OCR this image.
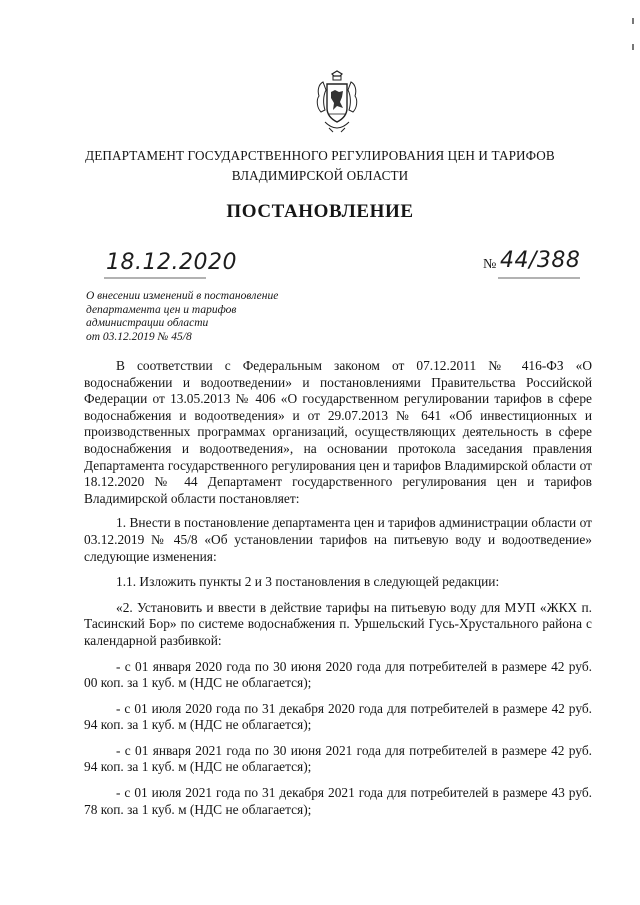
ДЕПАРТАМЕНТ ГОСУДАРСТВЕННОГО РЕГУЛИРОВАНИЯ ЦЕН И ТАРИФОВ
ВЛАДИМИРСКОЙ ОБЛАСТИ
ПОСТАНОВЛЕНИЕ
18.12.2020	№ 44/388
О внесении изменений в постановление
департамента цен и тарифов
администрации области
от 03.12.2019 № 45/8

В соответствии с Федеральным законом от 07.12.2011 № 416-ФЗ «О водоснабжении и водоотведении» и постановлениями Правительства Российской Федерации от 13.05.2013 № 406 «О государственном регулировании тарифов в сфере водоснабжения и водоотведения» и от 29.07.2013 № 641 «Об инвестиционных и производственных программах организаций, осуществляющих деятельность в сфере водоснабжения и водоотведения», на основании протокола заседания правления Департамента государственного регулирования цен и тарифов Владимирской области от 18.12.2020 № 44 Департамент государственного регулирования цен и тарифов Владимирской области постановляет:

1. Внести в постановление департамента цен и тарифов администрации области от 03.12.2019 № 45/8 «Об установлении тарифов на питьевую воду и водоотведение» следующие изменения:

1.1. Изложить пункты 2 и 3 постановления в следующей редакции:

«2. Установить и ввести в действие тарифы на питьевую воду для МУП «ЖКХ п. Тасинский Бор» по системе водоснабжения п. Уршельский Гусь-Хрустального района с календарной разбивкой:

- с 01 января 2020 года по 30 июня 2020 года для потребителей в размере 42 руб. 00 коп. за 1 куб. м (НДС не облагается);

- с 01 июля 2020 года по 31 декабря 2020 года для потребителей в размере 42 руб. 94 коп. за 1 куб. м (НДС не облагается);

- с 01 января 2021 года по 30 июня 2021 года для потребителей в размере 42 руб. 94 коп. за 1 куб. м (НДС не облагается);

- с 01 июля 2021 года по 31 декабря 2021 года для потребителей в размере 43 руб. 78 коп. за 1 куб. м (НДС не облагается);
